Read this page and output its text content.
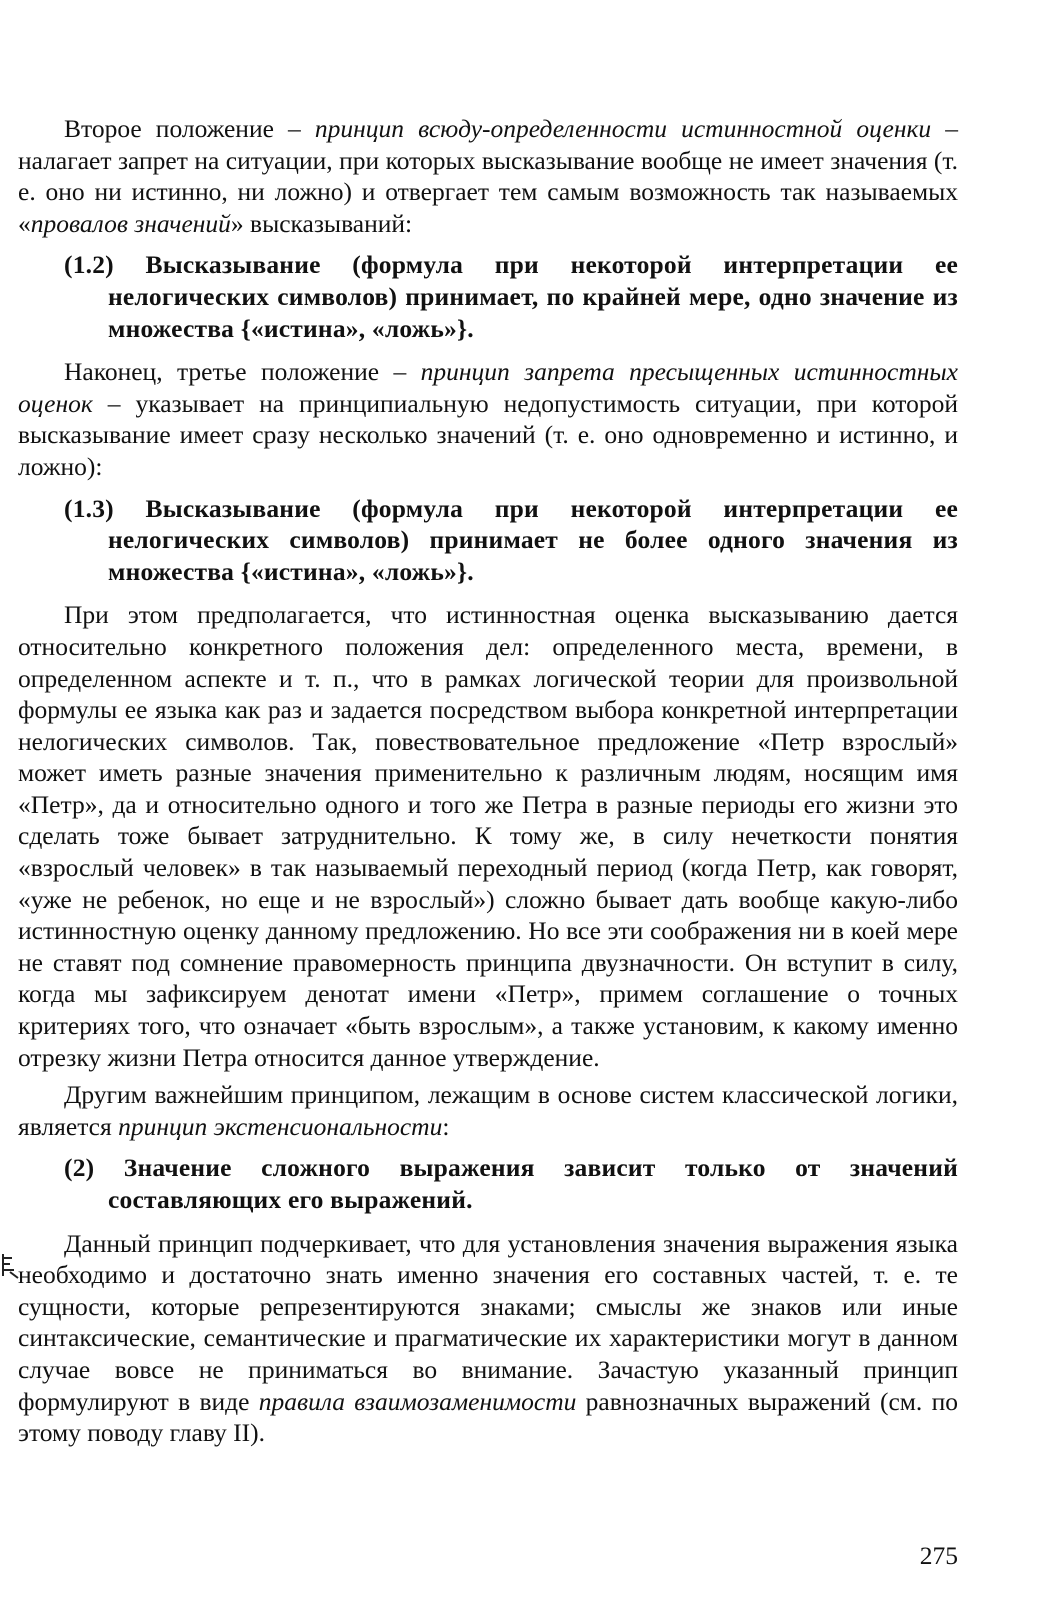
Второе положение – принцип всюду-определенности истинностной оценки – налагает запрет на ситуации, при которых высказывание вообще не имеет значения (т. е. оно ни истинно, ни ложно) и отвергает тем самым возможность так называемых «провалов значений» высказываний:

(1.2) Высказывание (формула при некоторой интерпретации ее нелогических символов) принимает, по крайней мере, одно значение из множества {«истина», «ложь»}.

Наконец, третье положение – принцип запрета пресыщенных истинностных оценок – указывает на принципиальную недопустимость ситуации, при которой высказывание имеет сразу несколько значений (т. е. оно одновременно и истинно, и ложно):

(1.3) Высказывание (формула при некоторой интерпретации ее нелогических символов) принимает не более одного значения из множества {«истина», «ложь»}.

При этом предполагается, что истинностная оценка высказыванию дается относительно конкретного положения дел: определенного места, времени, в определенном аспекте и т. п., что в рамках логической теории для произвольной формулы ее языка как раз и задается посредством выбора конкретной интерпретации нелогических символов. Так, повествовательное предложение «Петр взрослый» может иметь разные значения применительно к различным людям, носящим имя «Петр», да и относительно одного и того же Петра в разные периоды его жизни это сделать тоже бывает затруднительно. К тому же, в силу нечеткости понятия «взрослый человек» в так называемый переходный период (когда Петр, как говорят, «уже не ребенок, но еще и не взрослый») сложно бывает дать вообще какую-либо истинностную оценку данному предложению. Но все эти соображения ни в коей мере не ставят под сомнение правомерность принципа двузначности. Он вступит в силу, когда мы зафиксируем денотат имени «Петр», примем соглашение о точных критериях того, что означает «быть взрослым», а также установим, к какому именно отрезку жизни Петра относится данное утверждение.

Другим важнейшим принципом, лежащим в основе систем классической логики, является принцип экстенсиональности:

(2) Значение сложного выражения зависит только от значений составляющих его выражений.

Данный принцип подчеркивает, что для установления значения выражения языка необходимо и достаточно знать именно значения его составных частей, т. е. те сущности, которые репрезентируются знаками; смыслы же знаков или иные синтаксические, семантические и прагматические их характеристики могут в данном случае вовсе не приниматься во внимание. Зачастую указанный принцип формулируют в виде правила взаимозаменимости равнозначных выражений (см. по этому поводу главу II).

275
